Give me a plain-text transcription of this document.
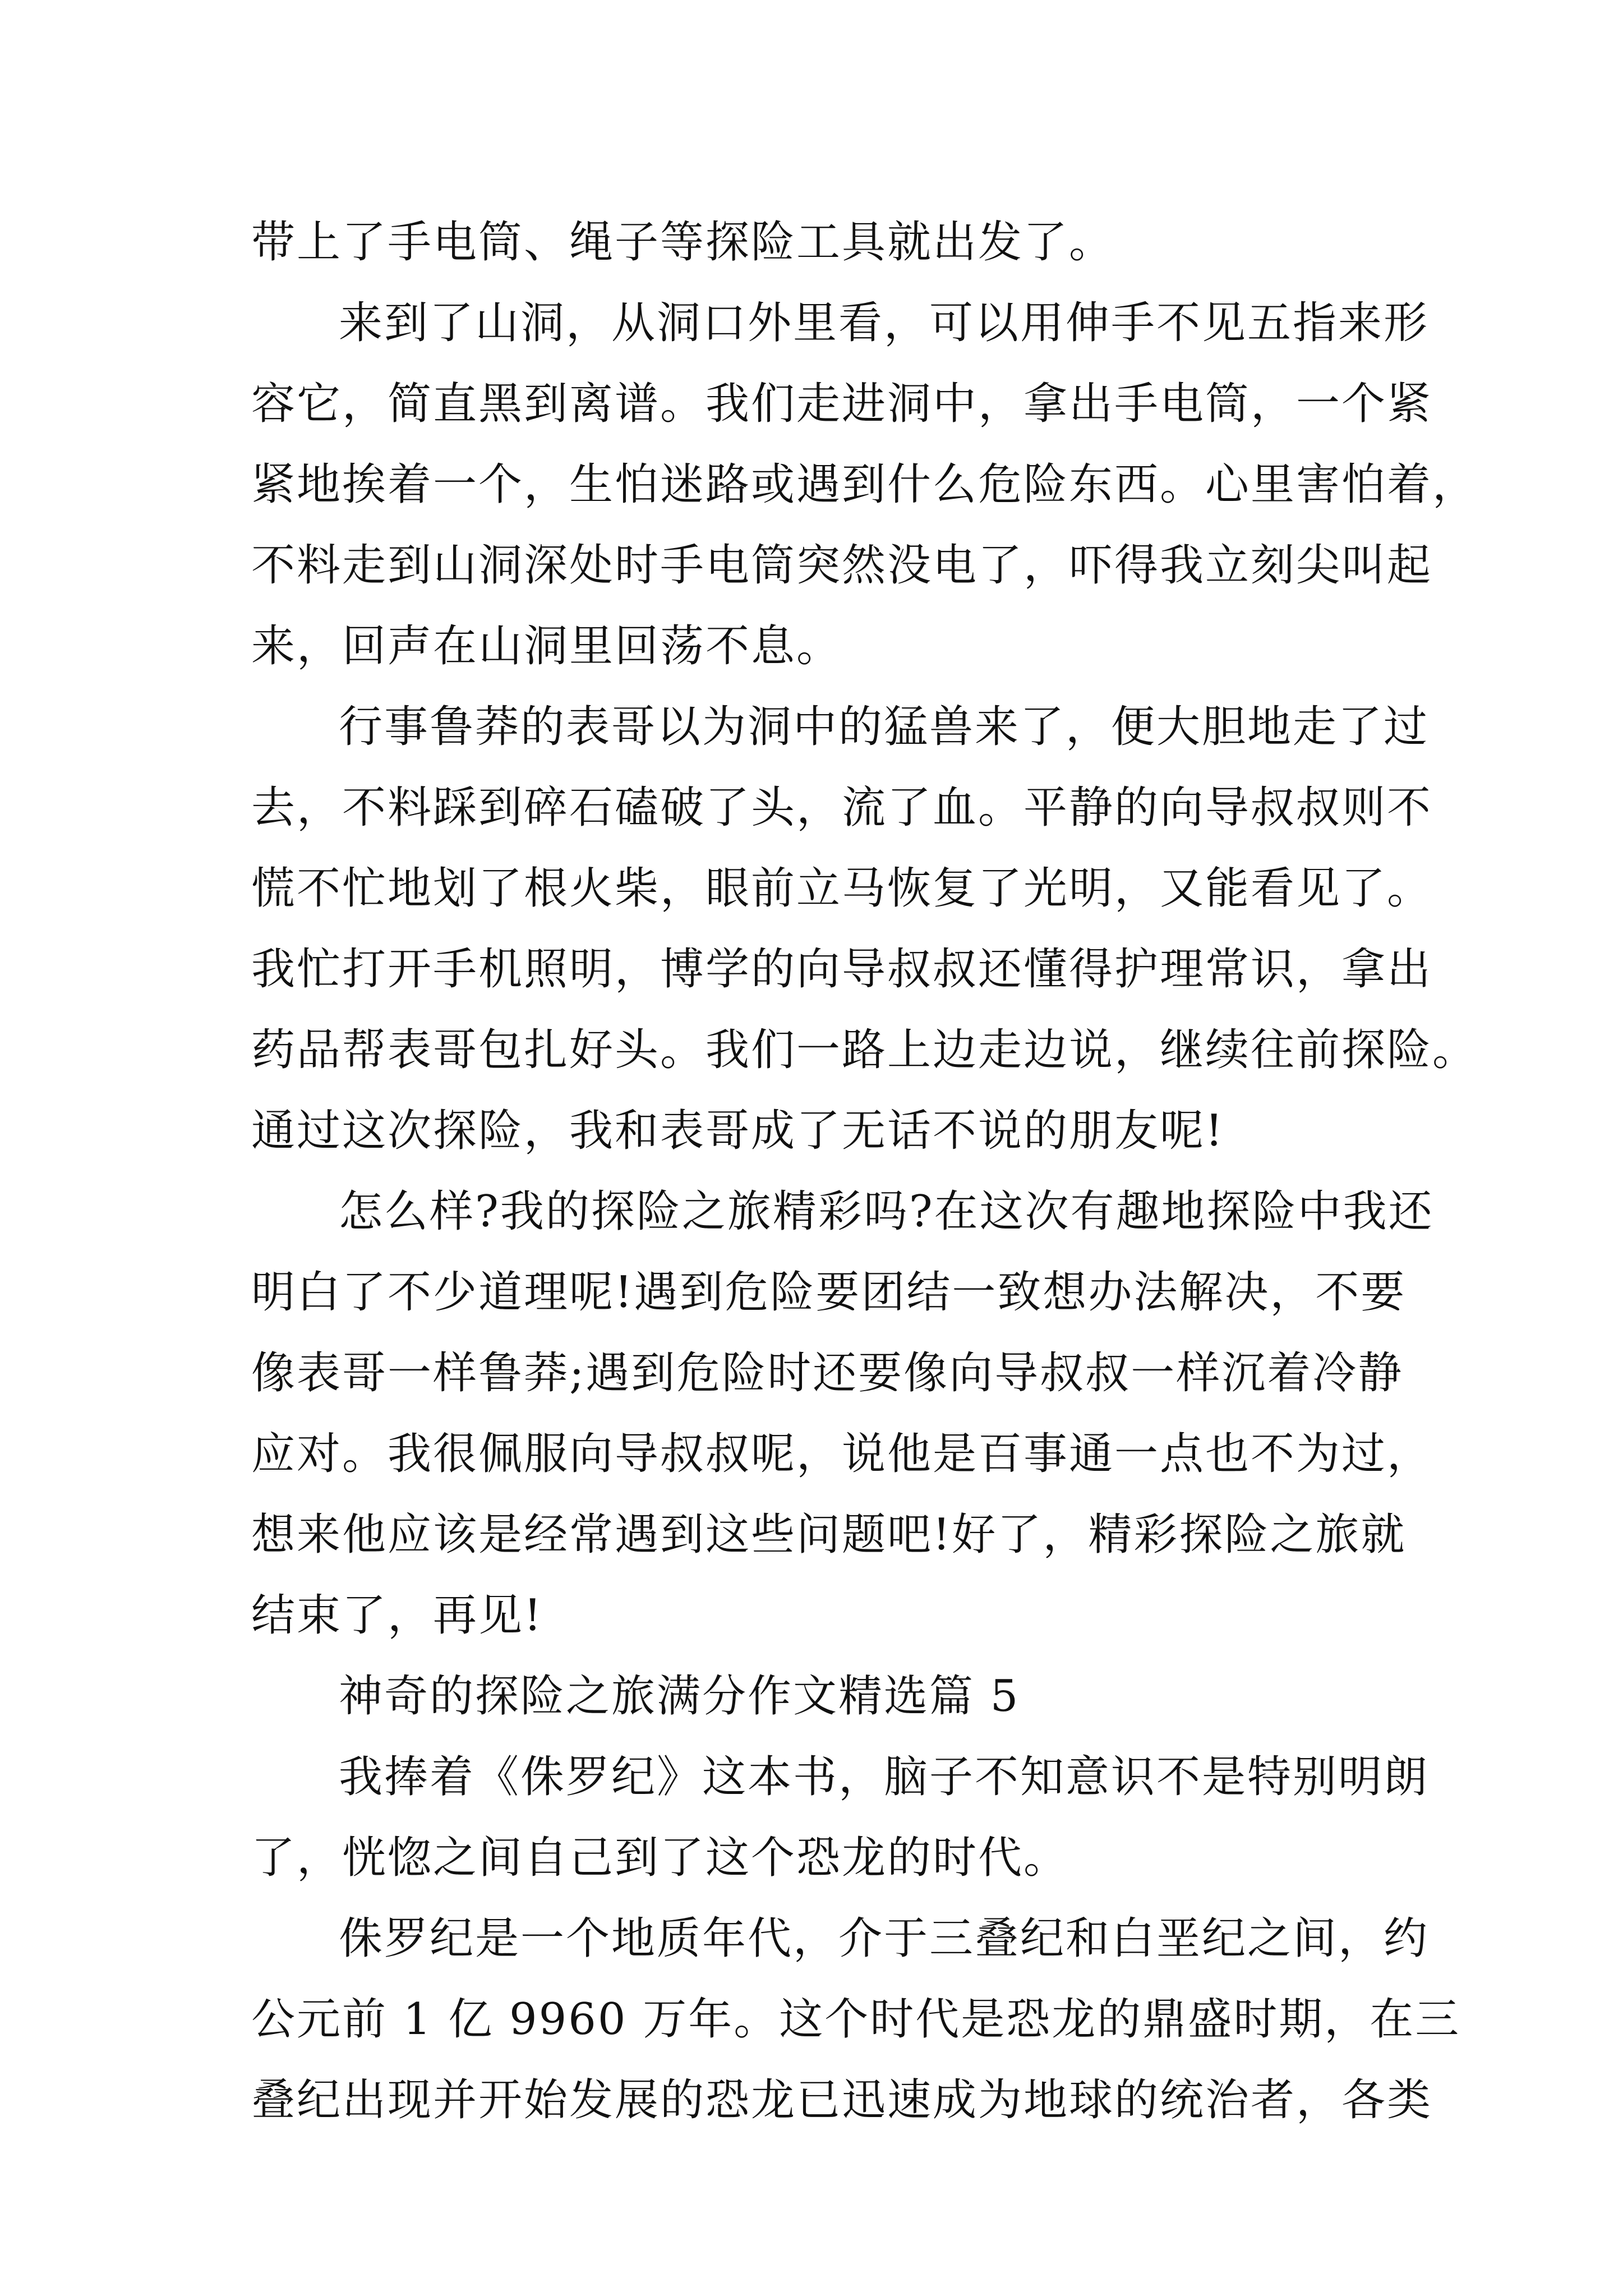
带上了手电筒、绳子等探险工具就出发了。
来到了山洞，从洞口外里看，可以用伸手不见五指来形
容它，简直黑到离谱。我们走进洞中，拿出手电筒，一个紧
紧地挨着一个，生怕迷路或遇到什么危险东西。心里害怕着，
不料走到山洞深处时手电筒突然没电了，吓得我立刻尖叫起
来，回声在山洞里回荡不息。
行事鲁莽的表哥以为洞中的猛兽来了，便大胆地走了过
去，不料踩到碎石磕破了头，流了血。平静的向导叔叔则不
慌不忙地划了根火柴，眼前立马恢复了光明，又能看见了。
我忙打开手机照明，博学的向导叔叔还懂得护理常识，拿出
药品帮表哥包扎好头。我们一路上边走边说，继续往前探险。
通过这次探险，我和表哥成了无话不说的朋友呢!
怎么样?我的探险之旅精彩吗?在这次有趣地探险中我还
明白了不少道理呢!遇到危险要团结一致想办法解决，不要
像表哥一样鲁莽;遇到危险时还要像向导叔叔一样沉着冷静
应对。我很佩服向导叔叔呢，说他是百事通一点也不为过，
想来他应该是经常遇到这些问题吧!好了，精彩探险之旅就
结束了，再见!
神奇的探险之旅满分作文精选篇 5
我捧着《侏罗纪》这本书，脑子不知意识不是特别明朗
了，恍惚之间自己到了这个恐龙的时代。
侏罗纪是一个地质年代，介于三叠纪和白垩纪之间，约
公元前 1 亿 9960 万年。这个时代是恐龙的鼎盛时期，在三
叠纪出现并开始发展的恐龙已迅速成为地球的统治者，各类
